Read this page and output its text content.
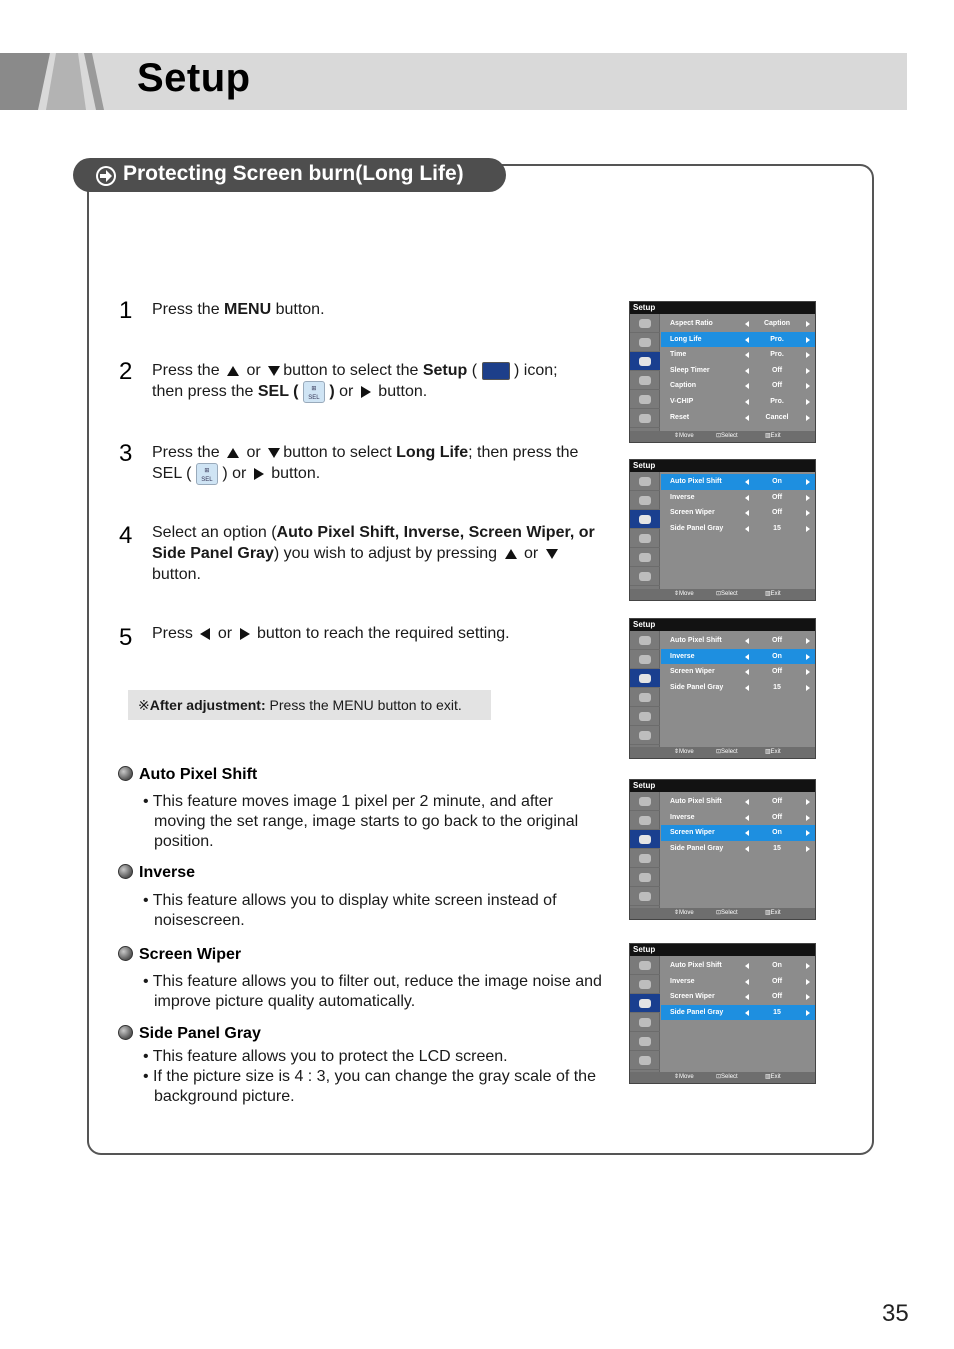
Setup
Protecting Screen burn(Long Life)
1 Press the MENU button.
2 Press the or button to select the Setup ( ) icon;
then press the SEL ( ⊞
SEL ) or button.
3 Press the or button to select Long Life; then press the
SEL ( ⊞
SEL ) or button.
4 Select an option (Auto Pixel Shift, Inverse, Screen Wiper, or Side Panel Gray) you wish to adjust by pressing or
button.
5 Press or button to reach the required setting.
※After adjustment: Press the MENU button to exit.
Auto Pixel Shift
• This feature moves image 1 pixel per 2 minute, and after moving the set range, image starts to go back to the original position.
Inverse
• This feature allows you to display white screen instead of noisescreen.
Screen Wiper
• This feature allows you to filter out, reduce the image noise and improve picture quality automatically.
Side Panel Gray
• This feature allows you to protect the LCD screen.
• If the picture size is 4 : 3, you can change the gray scale of the background picture.
Setup
Aspect Ratio	Caption
Long Life	Pro.
Time	Pro.
Sleep Timer	Off
Caption	Off
V-CHIP	Pro.
Reset	Cancel
⇕ Move	⊡ Select	▥ Exit
Setup
Auto Pixel Shift	On
Inverse	Off
Screen Wiper	Off
Side Panel Gray	15
⇕ Move	⊡ Select	▥ Exit
Setup
Auto Pixel Shift	Off
Inverse	On
Screen Wiper	Off
Side Panel Gray	15
⇕ Move	⊡ Select	▥ Exit
Setup
Auto Pixel Shift	Off
Inverse	Off
Screen Wiper	On
Side Panel Gray	15
⇕ Move	⊡ Select	▥ Exit
Setup
Auto Pixel Shift	On
Inverse	Off
Screen Wiper	Off
Side Panel Gray	15
⇕ Move	⊡ Select	▥ Exit
35
